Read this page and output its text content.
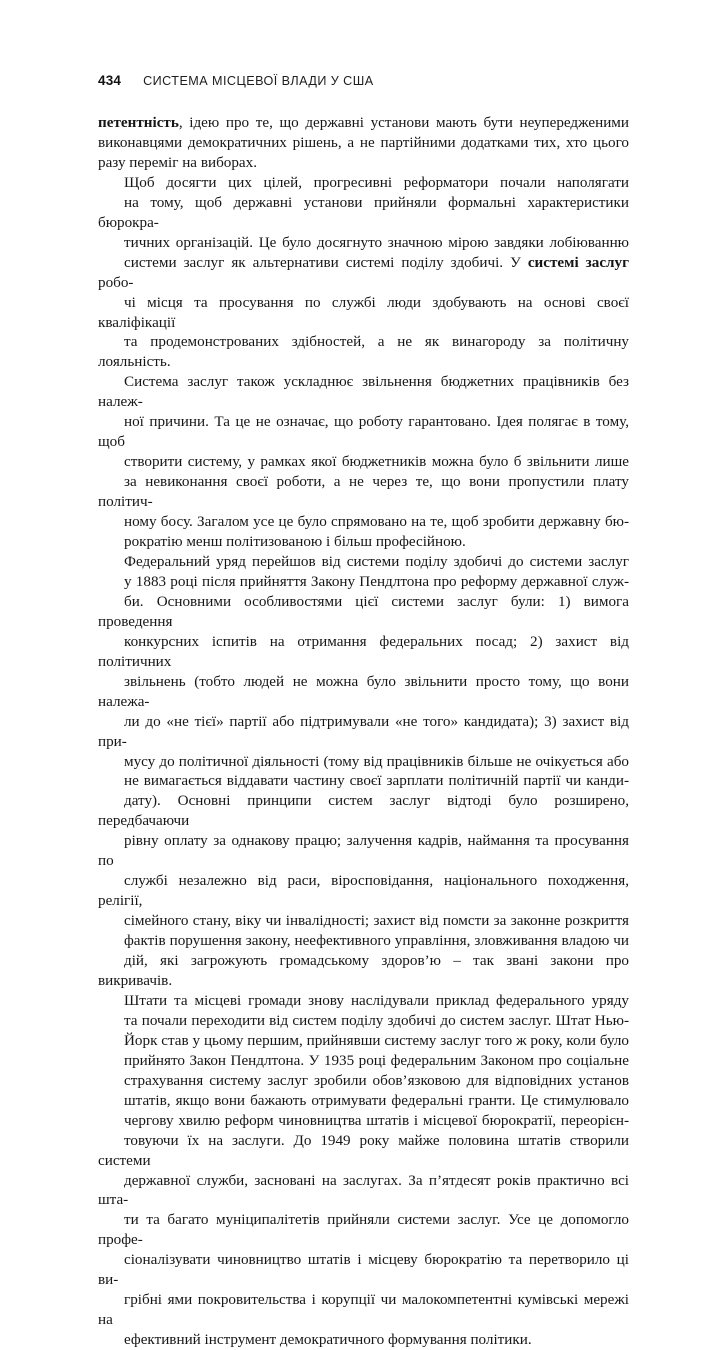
434 СИСТЕМА МІСЦЕВОЇ ВЛАДИ У США

петентність, ідею про те, що державні установи мають бути неупередженими
виконавцями демократичних рішень, а не партійними додатками тих, хто цього
разу переміг на виборах.

Щоб досягти цих цілей, прогресивні реформатори почали наполягати
на тому, щоб державні установи прийняли формальні характеристики бюрокра-
тичних організацій. Це було досягнуто значною мірою завдяки лобіюванню
системи заслуг як альтернативи системі поділу здобичі. У системі заслуг робо-
чі місця та просування по службі люди здобувають на основі своєї кваліфікації
та продемонстрованих здібностей, а не як винагороду за політичну лояльність.
Система заслуг також ускладнює звільнення бюджетних працівників без належ-
ної причини. Та це не означає, що роботу гарантовано. Ідея полягає в тому, щоб
створити систему, у рамках якої бюджетників можна було б звільнити лише
за невиконання своєї роботи, а не через те, що вони пропустили плату політич-
ному босу. Загалом усе це було спрямовано на те, щоб зробити державну бю-
рократію менш політизованою і більш професійною.

Федеральний уряд перейшов від системи поділу здобичі до системи заслуг
у 1883 році після прийняття Закону Пендлтона про реформу державної служ-
би. Основними особливостями цієї системи заслуг були: 1) вимога проведення
конкурсних іспитів на отримання федеральних посад; 2) захист від політичних
звільнень (тобто людей не можна було звільнити просто тому, що вони належа-
ли до «не тієї» партії або підтримували «не того» кандидата); 3) захист від при-
мусу до політичної діяльності (тому від працівників більше не очікується або
не вимагається віддавати частину своєї зарплати політичній партії чи канди-
дату). Основні принципи систем заслуг відтоді було розширено, передбачаючи
рівну оплату за однакову працю; залучення кадрів, наймання та просування по
службі незалежно від раси, віросповідання, національного походження, релігії,
сімейного стану, віку чи інвалідності; захист від помсти за законне розкриття
фактів порушення закону, неефективного управління, зловживання владою чи
дій, які загрожують громадському здоров’ю – так звані закони про викривачів.

Штати та місцеві громади знову наслідували приклад федерального уряду
та почали переходити від систем поділу здобичі до систем заслуг. Штат Нью-
Йорк став у цьому першим, прийнявши систему заслуг того ж року, коли було
прийнято Закон Пендлтона. У 1935 році федеральним Законом про соціальне
страхування систему заслуг зробили обов’язковою для відповідних установ
штатів, якщо вони бажають отримувати федеральні гранти. Це стимулювало
чергову хвилю реформ чиновництва штатів і місцевої бюрократії, переорієн-
товуючи їх на заслуги. До 1949 року майже половина штатів створили системи
державної служби, засновані на заслугах. За п’ятдесят років практично всі шта-
ти та багато муніципалітетів прийняли системи заслуг. Усе це допомогло профе-
сіоналізувати чиновництво штатів і місцеву бюрократію та перетворило ці ви-
грібні ями покровительства і корупції чи малокомпетентні кумівські мережі на
ефективний інструмент демократичного формування політики.
